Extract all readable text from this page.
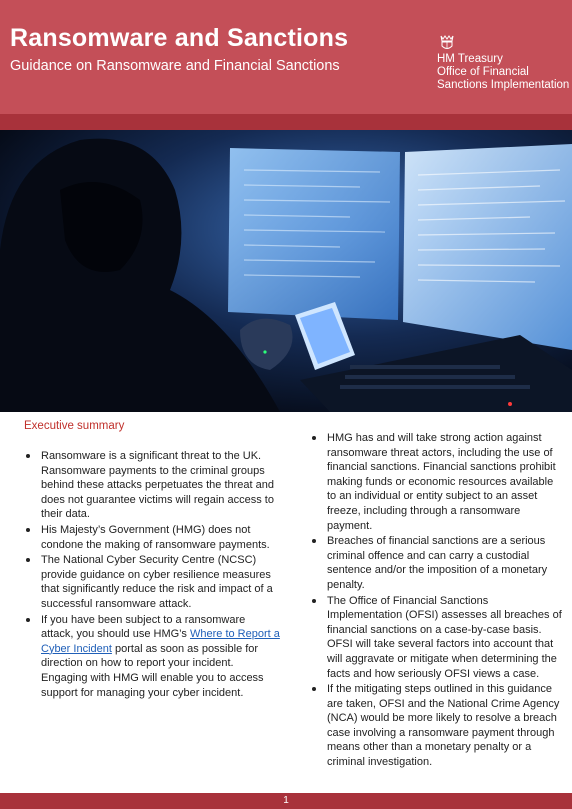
Ransomware and Sanctions

Guidance on Ransomware and Financial Sanctions	HM Treasury
Office of Financial
Sanctions Implementation
Executive summary
Ransomware is a significant threat to the UK. Ransomware payments to the criminal groups behind these attacks perpetuates the threat and does not guarantee victims will regain access to their data.
His Majesty’s Government (HMG) does not condone the making of ransomware payments.
The National Cyber Security Centre (NCSC) provide guidance on cyber resilience measures that significantly reduce the risk and impact of a successful ransomware attack.
If you have been subject to a ransomware attack, you should use HMG’s Where to Report a Cyber Incident portal as soon as possible for direction on how to report your incident. Engaging with HMG will enable you to access support for managing your cyber incident.
HMG has and will take strong action against ransomware threat actors, including the use of financial sanctions. Financial sanctions prohibit making funds or economic resources available to an individual or entity subject to an asset freeze, including through a ransomware payment.
Breaches of financial sanctions are a serious criminal offence and can carry a custodial sentence and/or the imposition of a monetary penalty.
The Office of Financial Sanctions Implementation (OFSI) assesses all breaches of financial sanctions on a case-by-case basis. OFSI will take several factors into account that will aggravate or mitigate when determining the facts and how seriously OFSI views a case.
If the mitigating steps outlined in this guidance are taken, OFSI and the National Crime Agency (NCA) would be more likely to resolve a breach case involving a ransomware payment through means other than a monetary penalty or a criminal investigation.
1
